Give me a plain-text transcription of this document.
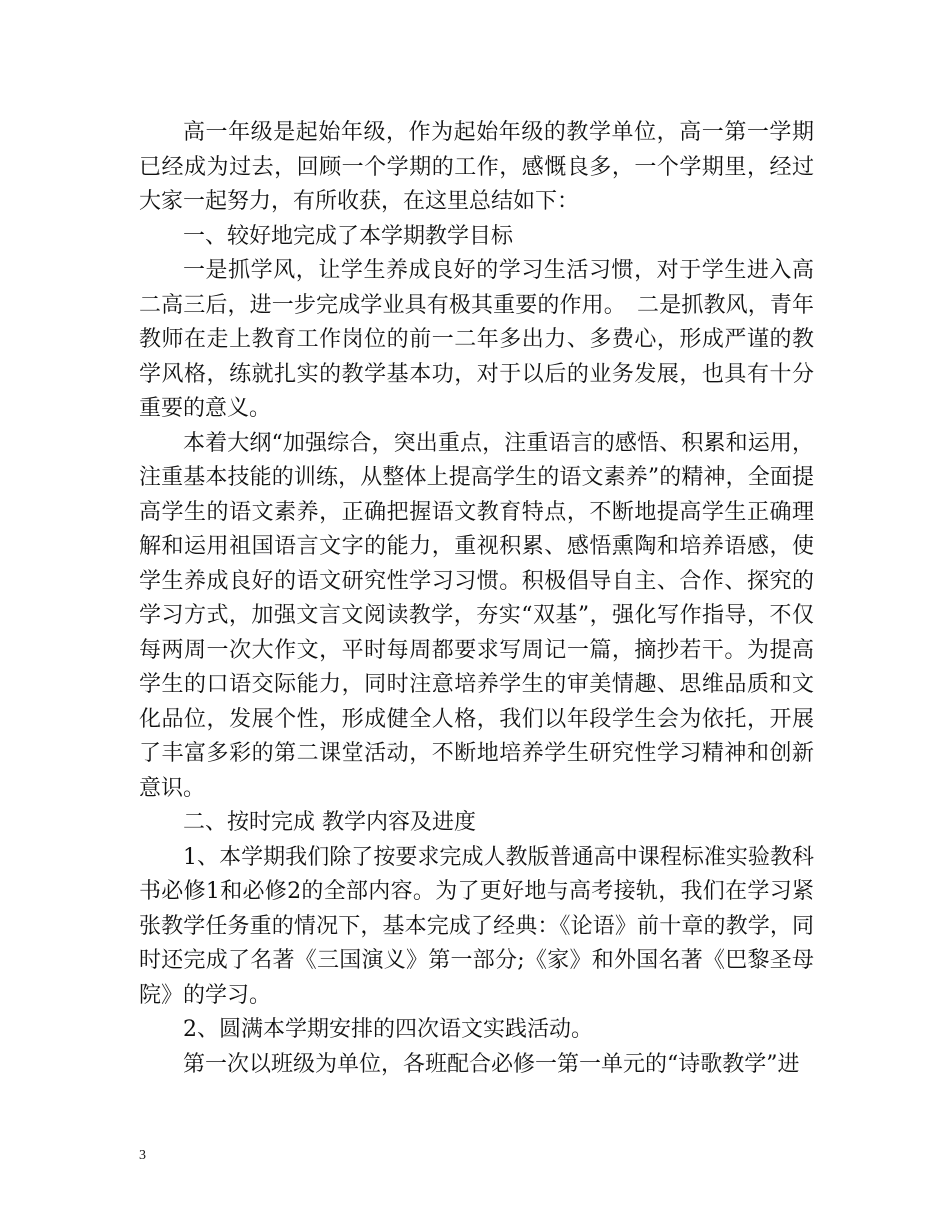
高一年级是起始年级，作为起始年级的教学单位，高一第一学期已经成为过去，回顾一个学期的工作，感慨良多，一个学期里，经过大家一起努力，有所收获，在这里总结如下：

一、较好地完成了本学期教学目标

一是抓学风，让学生养成良好的学习生活习惯，对于学生进入高二高三后，进一步完成学业具有极其重要的作用。　二是抓教风，青年教师在走上教育工作岗位的前一二年多出力、多费心，形成严谨的教学风格，练就扎实的教学基本功，对于以后的业务发展，也具有十分重要的意义。

本着大纲“加强综合，突出重点，注重语言的感悟、积累和运用，注重基本技能的训练，从整体上提高学生的语文素养”的精神，全面提高学生的语文素养，正确把握语文教育特点，不断地提高学生正确理解和运用祖国语言文字的能力，重视积累、感悟熏陶和培养语感，使学生养成良好的语文研究性学习习惯。积极倡导自主、合作、探究的学习方式，加强文言文阅读教学，夯实“双基”，强化写作指导，不仅每两周一次大作文，平时每周都要求写周记一篇，摘抄若干。为提高学生的口语交际能力，同时注意培养学生的审美情趣、思维品质和文化品位，发展个性，形成健全人格，我们以年段学生会为依托，开展了丰富多彩的第二课堂活动，不断地培养学生研究性学习精神和创新意识。

二、按时完成 教学内容及进度

1、本学期我们除了按要求完成人教版普通高中课程标准实验教科书必修1和必修2的全部内容。为了更好地与高考接轨，我们在学习紧张教学任务重的情况下，基本完成了经典：《论语》前十章的教学，同时还完成了名著《三国演义》第一部分;《家》和外国名著《巴黎圣母院》的学习。

2、圆满本学期安排的四次语文实践活动。

第一次以班级为单位，各班配合必修一第一单元的“诗歌教学”进

3
